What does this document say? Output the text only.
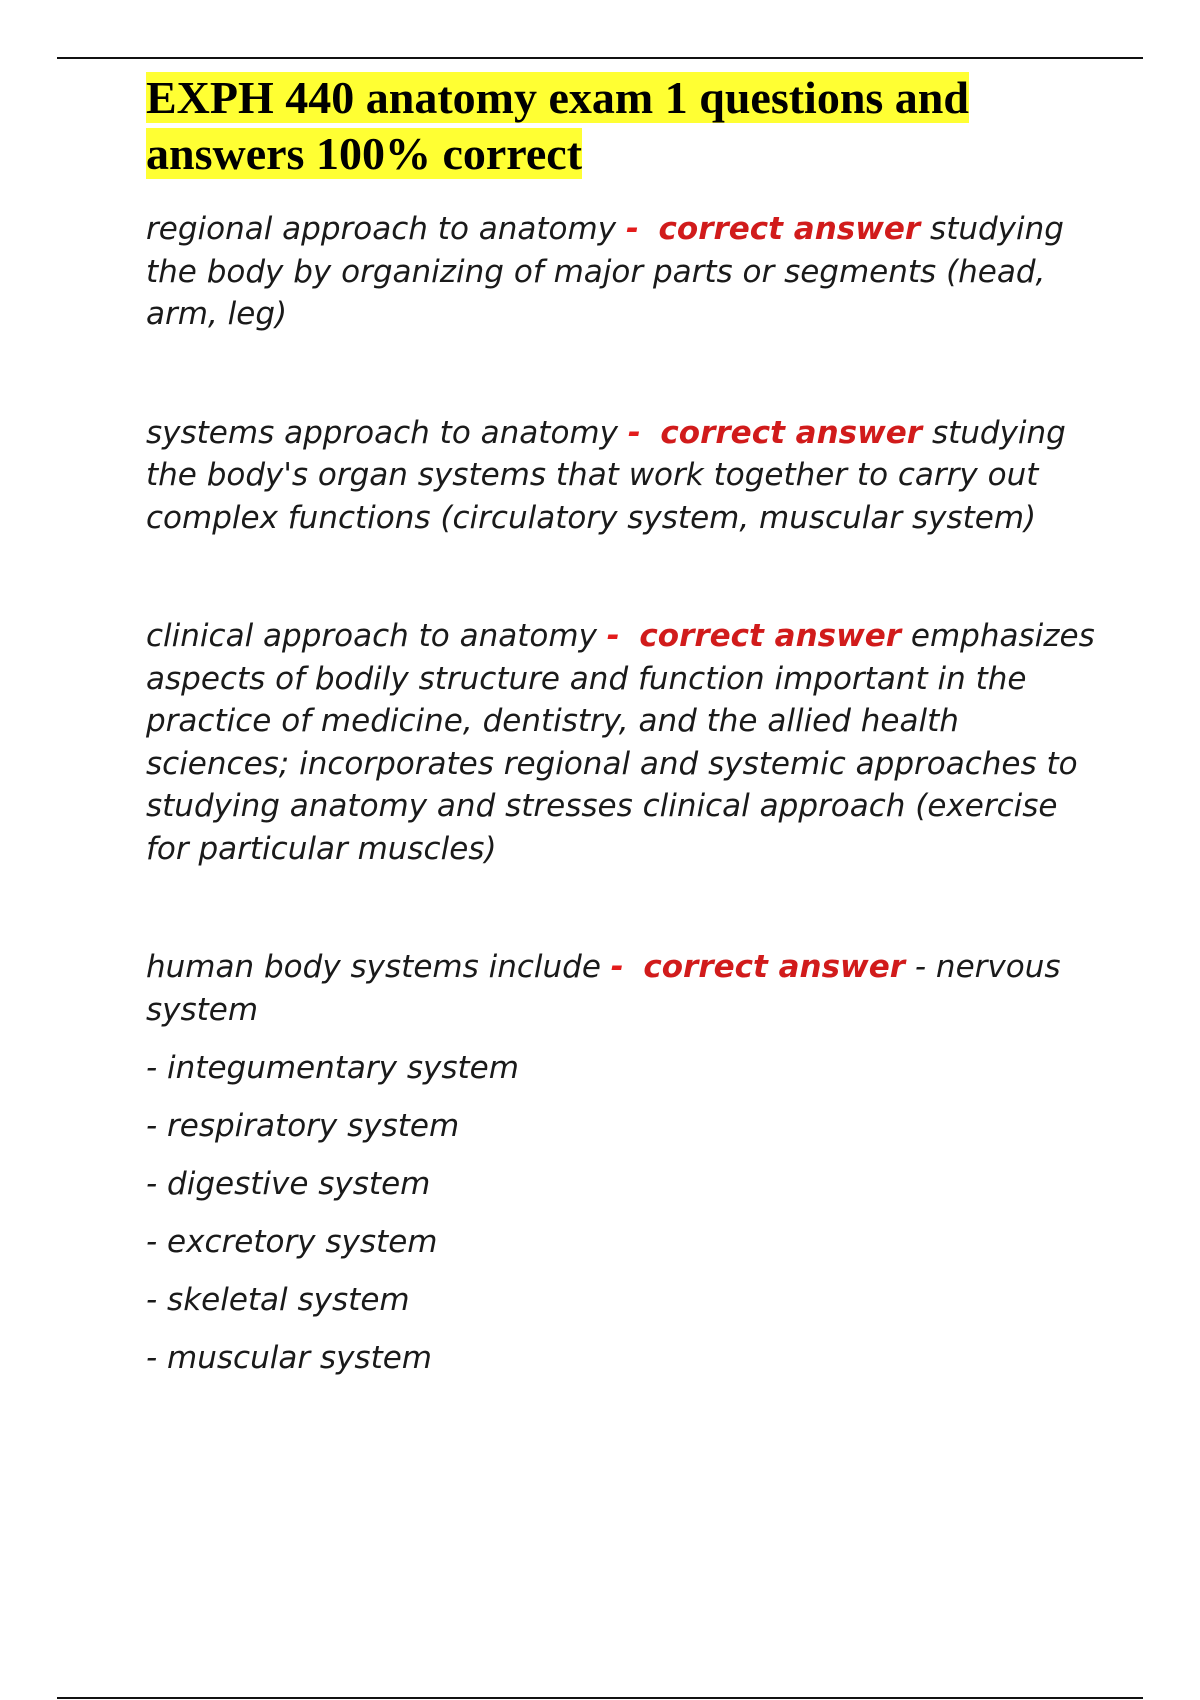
EXPH 440 anatomy exam 1 questions and answers 100% correct

regional approach to anatomy - correct answer studying the body by organizing of major parts or segments (head, arm, leg)

systems approach to anatomy - correct answer studying the body's organ systems that work together to carry out complex functions (circulatory system, muscular system)

clinical approach to anatomy - correct answer emphasizes aspects of bodily structure and function important in the practice of medicine, dentistry, and the allied health sciences; incorporates regional and systemic approaches to studying anatomy and stresses clinical approach (exercise for particular muscles)

human body systems include - correct answer - nervous system

- integumentary system

- respiratory system

- digestive system

- excretory system

- skeletal system

- muscular system
